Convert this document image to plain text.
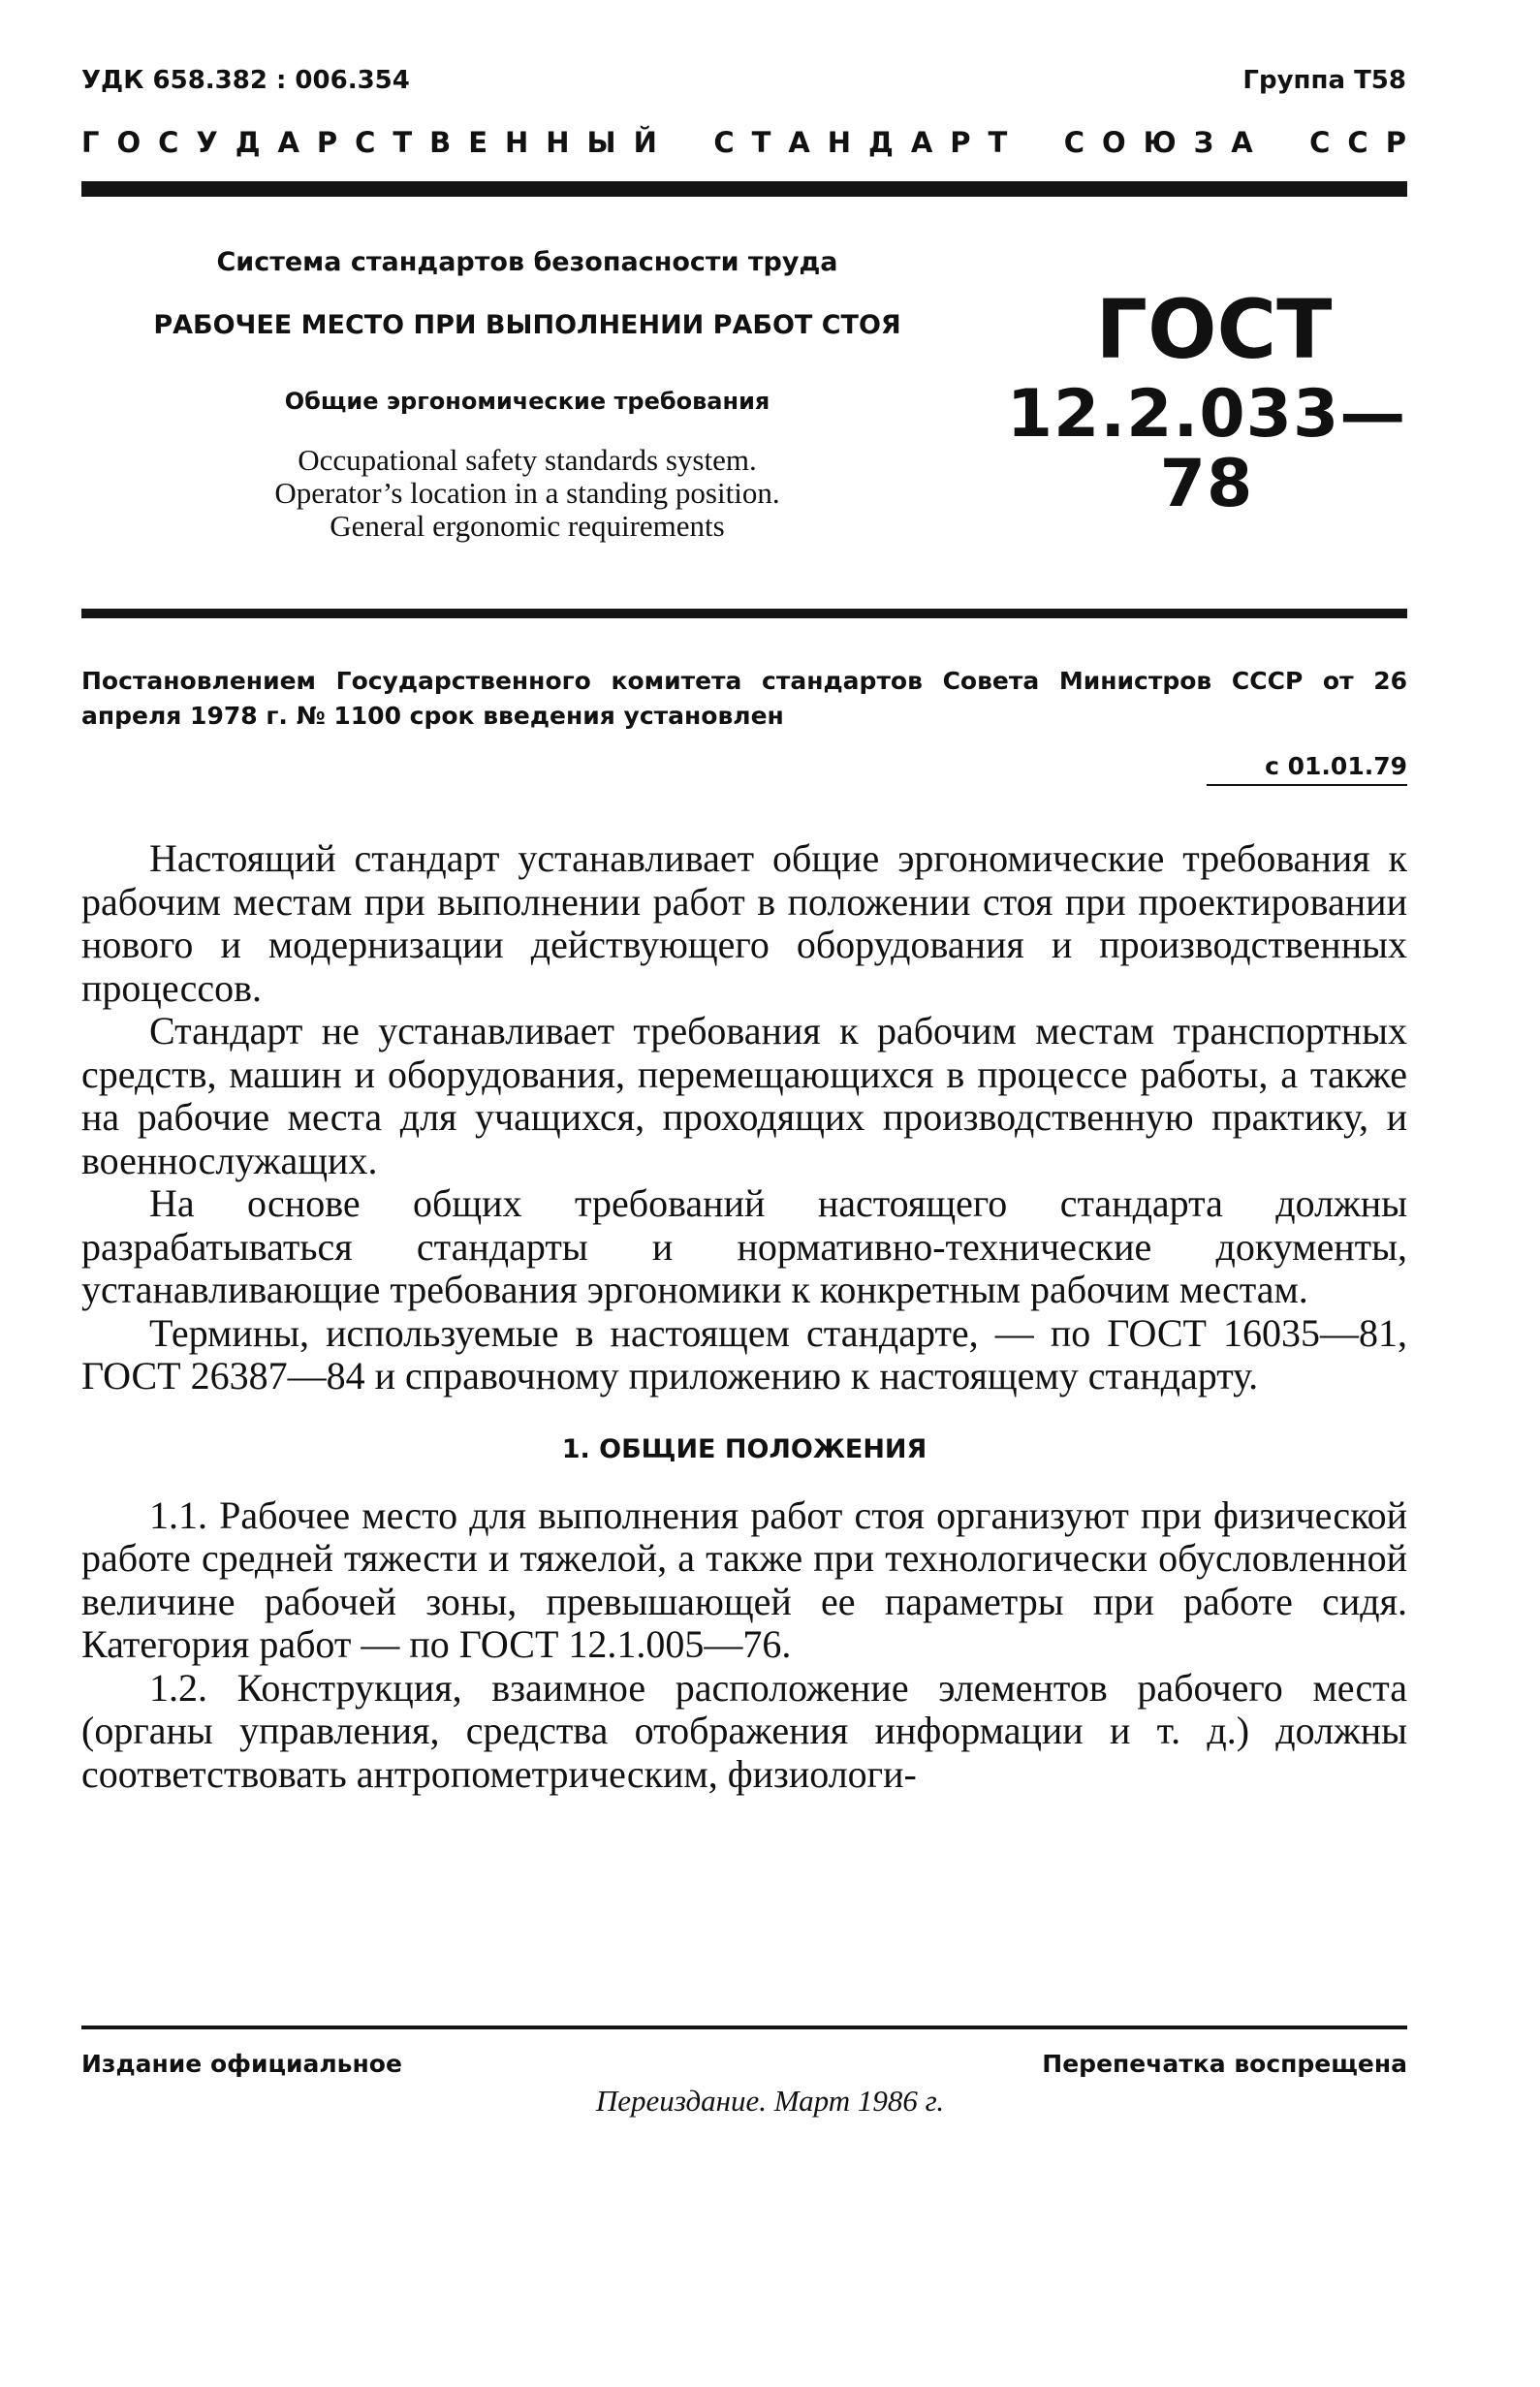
УДК 658.382 : 006.354	Группа Т58
ГОСУДАРСТВЕННЫЙ СТАНДАРТ СОЮЗА ССР
Система стандартов безопасности труда
РАБОЧЕЕ МЕСТО ПРИ ВЫПОЛНЕНИИ РАБОТ СТОЯ
Общие эргономические требования
Occupational safety standards system.
Operator’s location in a standing position.
General ergonomic requirements
ГОСТ
12.2.033—78
Постановлением Государственного комитета стандартов Совета Министров СССР от 26 апреля 1978 г. № 1100 срок введения установлен
с 01.01.79

Настоящий стандарт устанавливает общие эргономические требования к рабочим местам при выполнении работ в положении стоя при проектировании нового и модернизации действующего оборудования и производственных процессов.

Стандарт не устанавливает требования к рабочим местам транспортных средств, машин и оборудования, перемещающихся в процессе работы, а также на рабочие места для учащихся, проходящих производственную практику, и военнослужащих.

На основе общих требований настоящего стандарта должны разрабатываться стандарты и нормативно-технические документы, устанавливающие требования эргономики к конкретным рабочим местам.

Термины, используемые в настоящем стандарте, — по ГОСТ 16035—81, ГОСТ 26387—84 и справочному приложению к настоящему стандарту.

1. ОБЩИЕ ПОЛОЖЕНИЯ

1.1. Рабочее место для выполнения работ стоя организуют при физической работе средней тяжести и тяжелой, а также при технологически обусловленной величине рабочей зоны, превышающей ее параметры при работе сидя. Категория работ — по ГОСТ 12.1.005—76.

1.2. Конструкция, взаимное расположение элементов рабочего места (органы управления, средства отображения информации и т. д.) должны соответствовать антропометрическим, физиологи-

Издание официальное	Перепечатка воспрещена
Переиздание. Март 1986 г.
